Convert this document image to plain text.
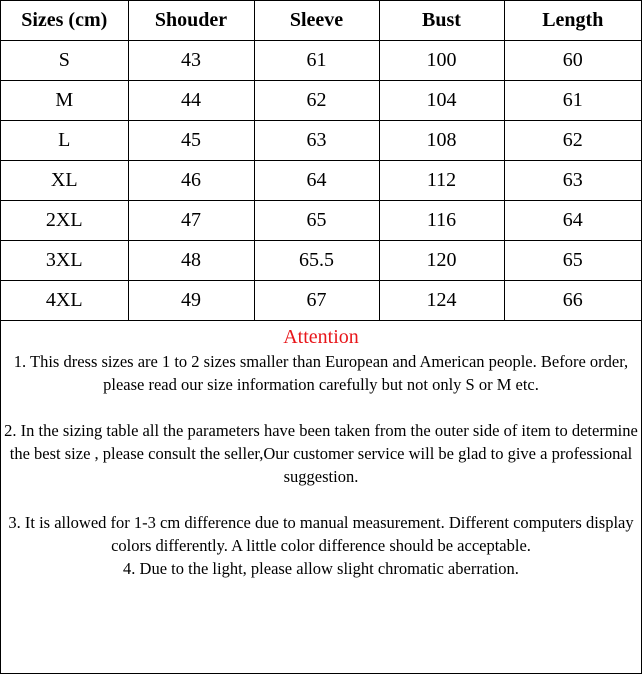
Sizes (cm)	Shouder	Sleeve	Bust	Length
S	43	61	100	60
M	44	62	104	61
L	45	63	108	62
XL	46	64	112	63
2XL	47	65	116	64
3XL	48	65.5	120	65
4XL	49	67	124	66

Attention

1. This dress sizes are 1 to 2 sizes smaller than European and American people. Before order, please read our size information carefully but not only S or M etc.

2. In the sizing table all the parameters have been taken from the outer side of item to determine the best size , please consult the seller,Our customer service will be glad to give a professional suggestion.

3. It is allowed for 1-3 cm difference due to manual measurement. Different computers display colors differently. A little color difference should be acceptable.

4. Due to the light, please allow slight chromatic aberration.
